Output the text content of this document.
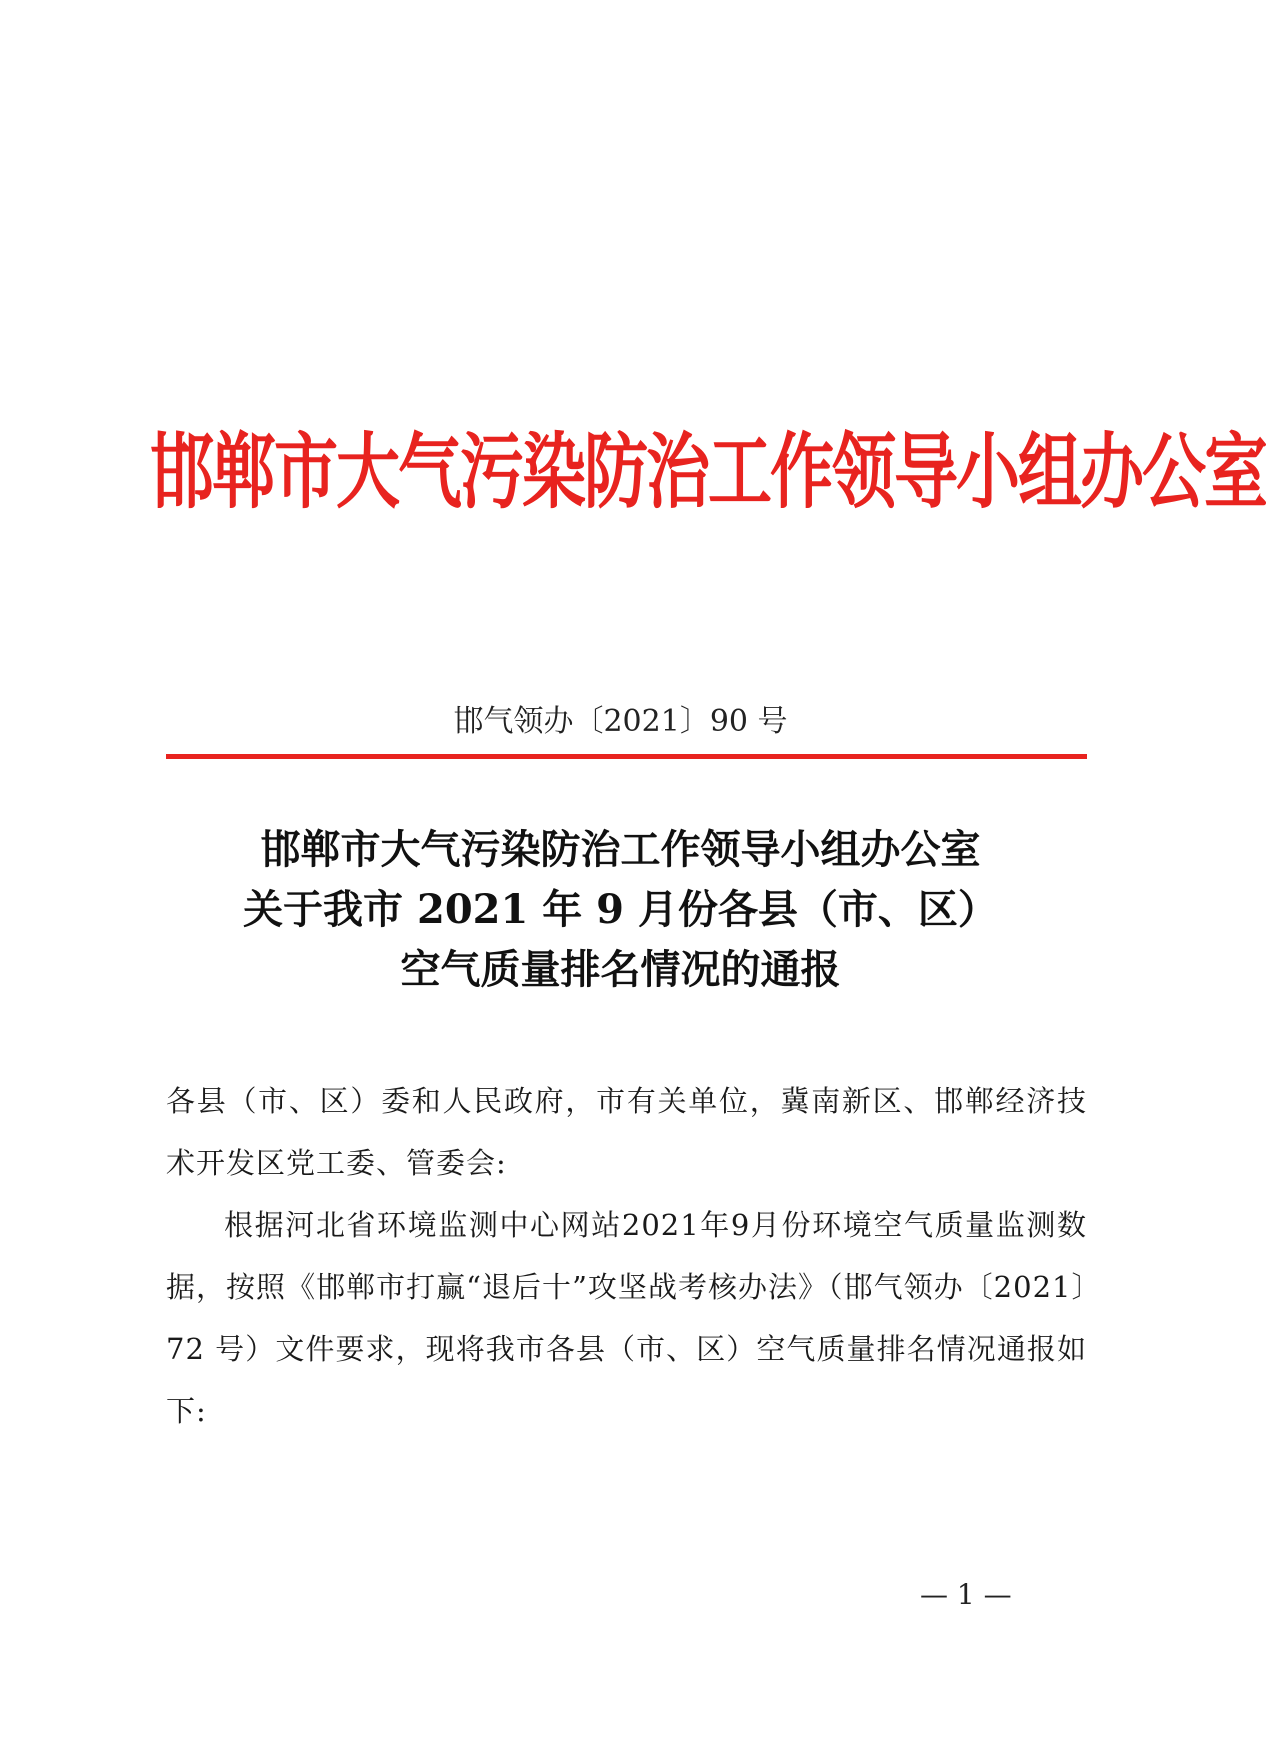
邯郸市大气污染防治工作领导小组办公室
邯气领办〔2021〕90 号
邯郸市大气污染防治工作领导小组办公室
关于我市 2021 年 9 月份各县（市、区）
空气质量排名情况的通报

各县（市、区）委和人民政府，市有关单位，冀南新区、邯郸经济技术开发区党工委、管委会:

根据河北省环境监测中心网站2021年9月份环境空气质量监测数据，按照《邯郸市打赢“退后十”攻坚战考核办法》（邯气领办〔2021〕72 号）文件要求，现将我市各县（市、区）空气质量排名情况通报如下:

— 1 —
